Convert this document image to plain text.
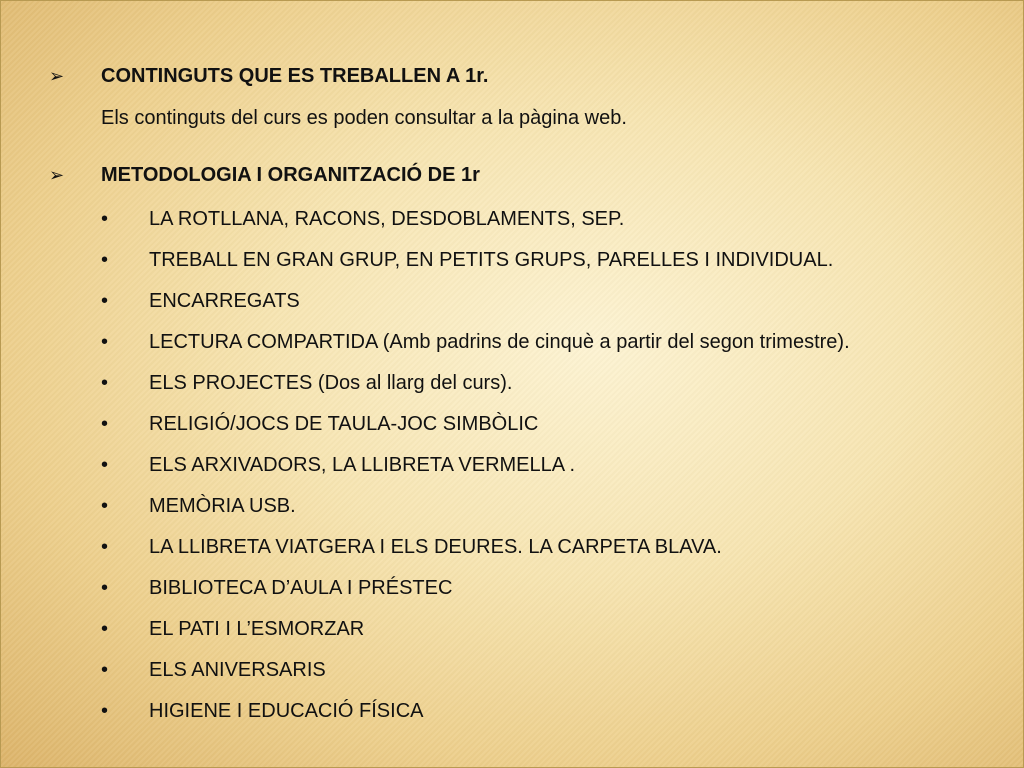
➢	CONTINGUTS QUE ES TREBALLEN A 1r.
Els continguts del curs es poden consultar a la pàgina web.
➢	METODOLOGIA I ORGANITZACIÓ DE 1r
•	LA ROTLLANA, RACONS, DESDOBLAMENTS, SEP.
•	TREBALL EN GRAN GRUP, EN PETITS GRUPS, PARELLES I INDIVIDUAL.
•	ENCARREGATS
•	LECTURA COMPARTIDA (Amb padrins de cinquè a partir del segon trimestre).
•	ELS PROJECTES (Dos al llarg del curs).
•	RELIGIÓ/JOCS DE TAULA-JOC SIMBÒLIC
•	ELS ARXIVADORS, LA LLIBRETA VERMELLA .
•	MEMÒRIA USB.
•	LA LLIBRETA VIATGERA I ELS DEURES. LA CARPETA BLAVA.
•	BIBLIOTECA D’AULA I PRÉSTEC
•	EL PATI I L’ESMORZAR
•	ELS ANIVERSARIS
•	HIGIENE I EDUCACIÓ FÍSICA
